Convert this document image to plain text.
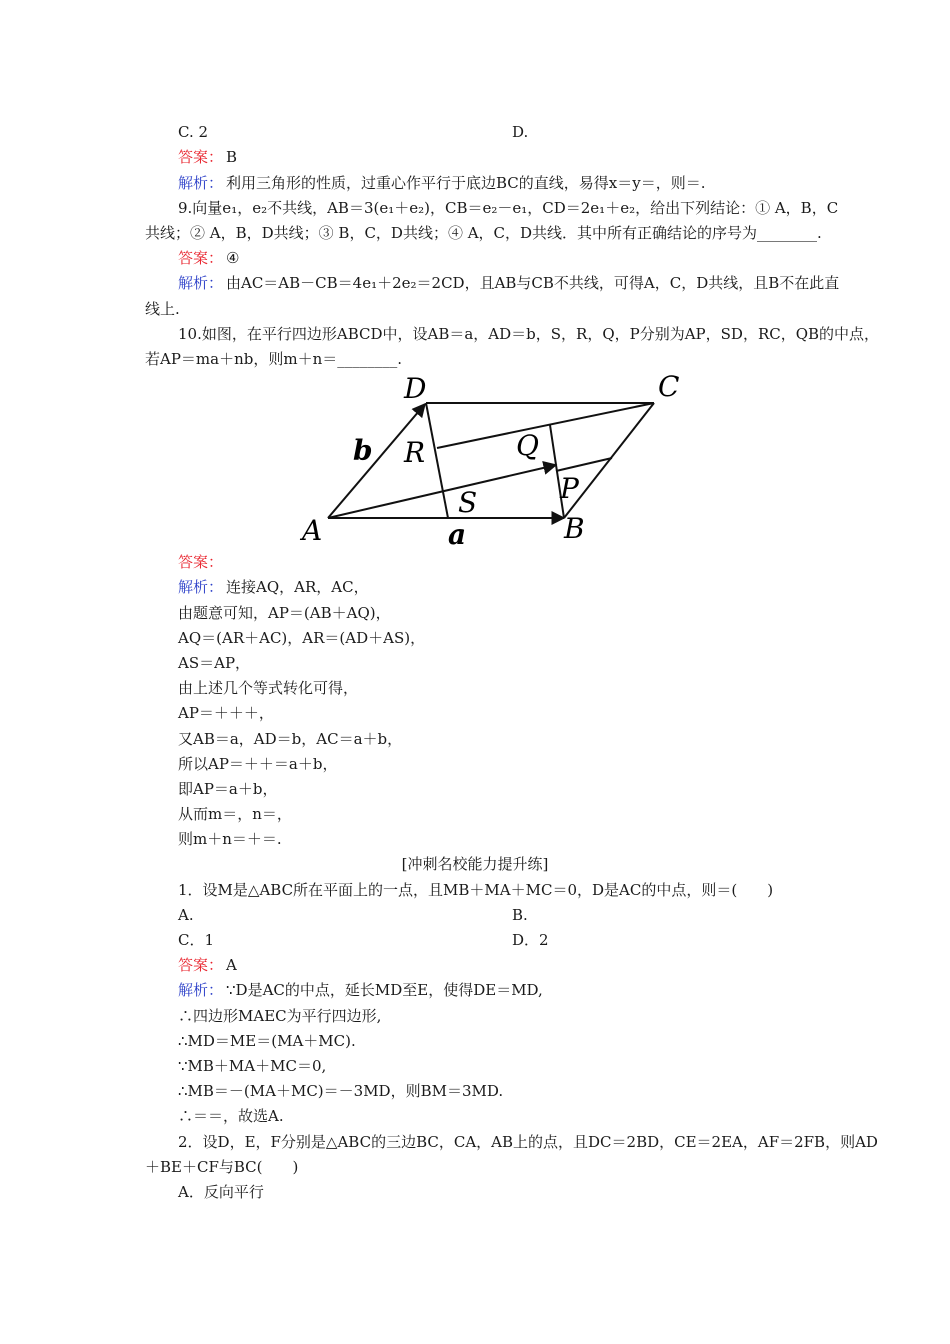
C. 2	D.
答案： B
解析： 利用三角形的性质，过重心作平行于底边BC的直线，易得x＝y＝，则＝.
9.向量e₁，e₂不共线，AB＝3(e₁＋e₂)，CB＝e₂－e₁，CD＝2e₁＋e₂，给出下列结论：① A，B，C
共线；② A，B，D共线；③ B，C，D共线；④ A，C，D共线．其中所有正确结论的序号为________.
答案： ④
解析： 由AC＝AB－CB＝4e₁＋2e₂＝2CD，且AB与CB不共线，可得A，C，D共线，且B不在此直
线上.
10.如图，在平行四边形ABCD中，设AB＝a，AD＝b，S，R，Q，P分别为AP，SD，RC，QB的中点，
若AP＝ma＋nb，则m＋n＝________.
D	C
b R	Q
P
S
A	a	B
答案：
解析： 连接AQ，AR，AC，
由题意可知，AP＝(AB＋AQ)，
AQ＝(AR＋AC)，AR＝(AD＋AS)，
AS＝AP，
由上述几个等式转化可得，
AP＝＋＋＋，
又AB＝a，AD＝b，AC＝a＋b，
所以AP＝＋＋＝a＋b，
即AP＝a＋b，
从而m＝，n＝，
则m＋n＝＋＝.
[冲刺名校能力提升练]
1．设M是△ABC所在平面上的一点，且MB＋MA＋MC＝0，D是AC的中点，则＝(　　)
A.	B.
C．1	D．2
答案： A
解析： ∵D是AC的中点，延长MD至E，使得DE＝MD,
∴四边形MAEC为平行四边形,
∴MD＝ME＝(MA＋MC).
∵MB＋MA＋MC＝0,
∴MB＝－(MA＋MC)＝－3MD，则BM＝3MD.
∴＝＝，故选A.
2．设D，E，F分别是△ABC的三边BC，CA，AB上的点，且DC＝2BD，CE＝2EA，AF＝2FB，则AD
＋BE＋CF与BC(　　)
A．反向平行
